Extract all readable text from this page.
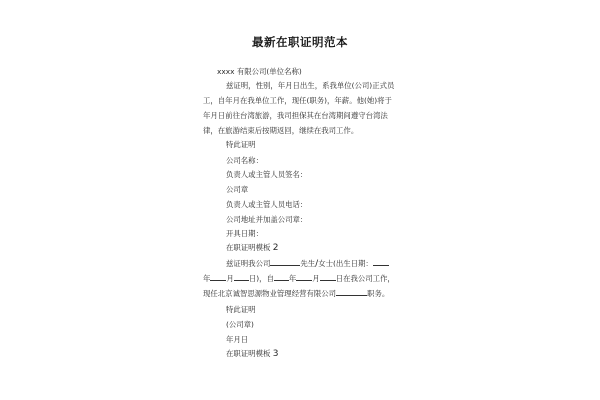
最新在职证明范本
xxxx 有限公司(单位名称)
兹证明，性别，年月日出生，系我单位(公司)正式员
工，自年月在我单位工作，现任(职务)，年薪。他(她)将于
年月日前往台湾旅游，我司担保其在台湾期间遵守台湾法
律，在旅游结束后按期返回，继续在我司工作。
特此证明
公司名称：
负责人或主管人员签名：
公司章
负责人或主管人员电话：
公司地址并加盖公司章：
开具日期：
在职证明模板 2
兹证明我公司	先生/女士(出生日期：
年 月 日)，自 年 月 日在我公司工作，
现任北京诚智思源物业管理经营有限公司	职务。
特此证明
(公司章)
年月日
在职证明模板 3
